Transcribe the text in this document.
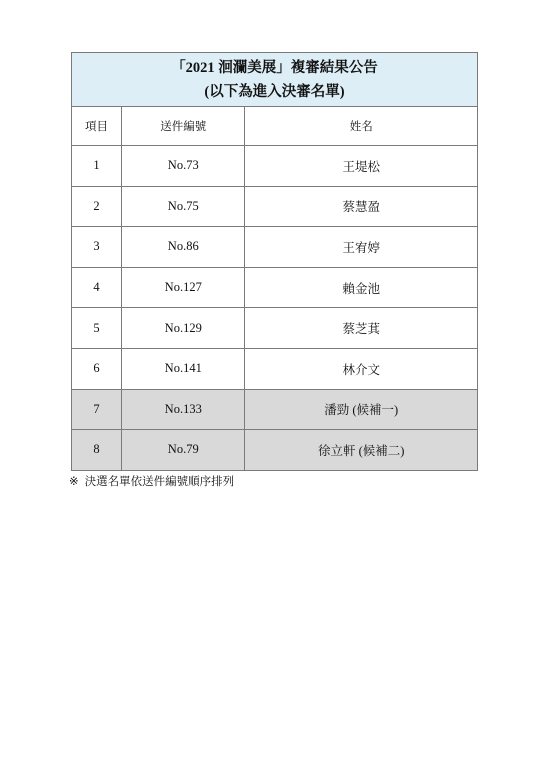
「2021 洄瀾美展」複審結果公告
(以下為進入決審名單)		

項目	送件編號	姓名
1	No.73	王堤松
2	No.75	蔡慧盈
3	No.86	王宥婷
4	No.127	賴金池
5	No.129	蔡芝萁
6	No.141	林介文
7	No.133	潘勁 (候補一)
8	No.79	徐立軒 (候補二)
※ 決選名單依送件編號順序排列
